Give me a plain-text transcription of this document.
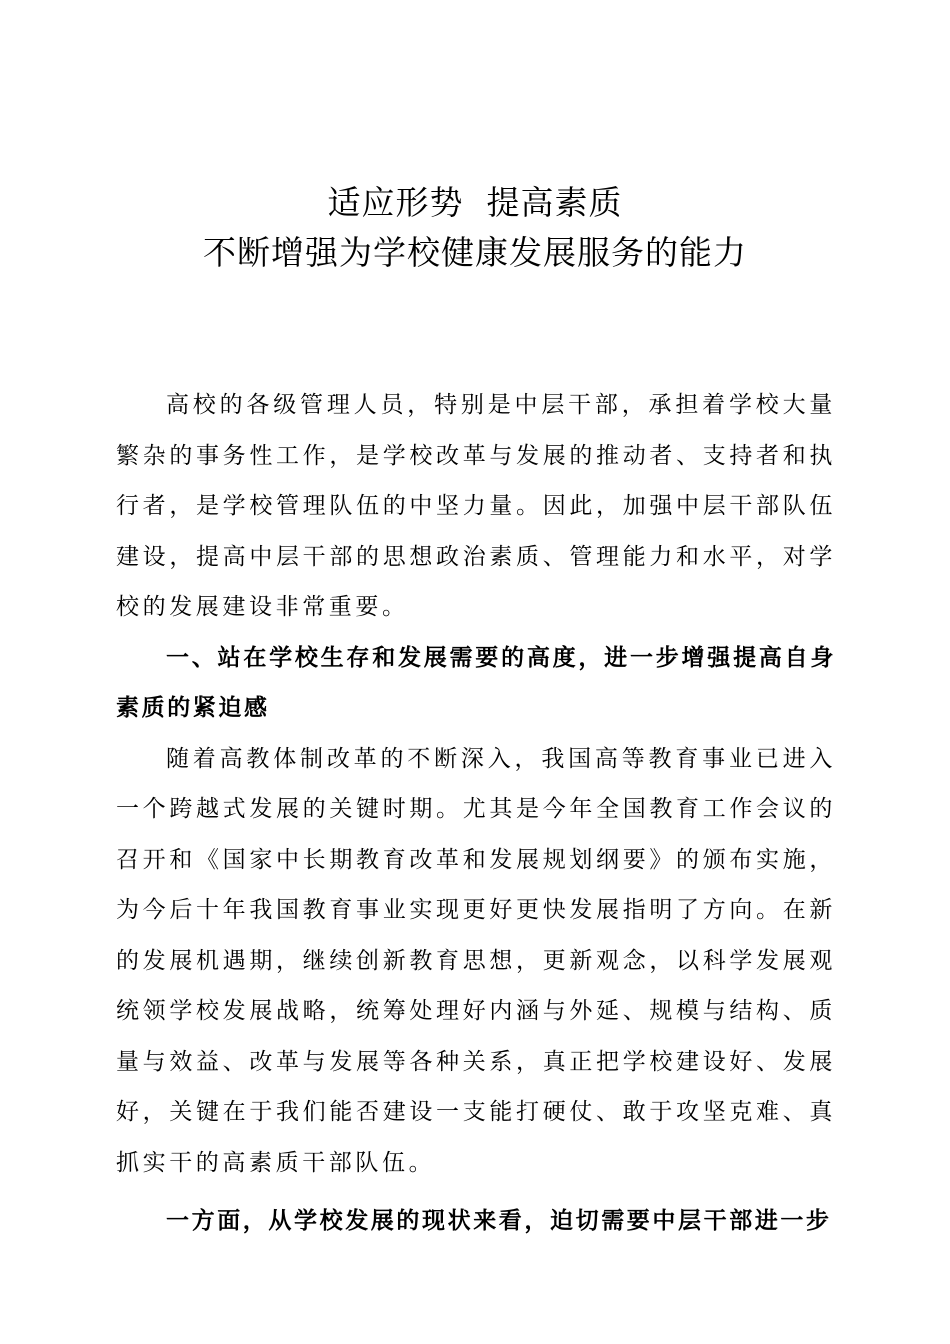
适应形势  提高素质
不断增强为学校健康发展服务的能力

高校的各级管理人员，特别是中层干部，承担着学校大量繁杂的事务性工作，是学校改革与发展的推动者、支持者和执行者，是学校管理队伍的中坚力量。因此，加强中层干部队伍建设，提高中层干部的思想政治素质、管理能力和水平，对学校的发展建设非常重要。

一、站在学校生存和发展需要的高度，进一步增强提高自身素质的紧迫感

随着高教体制改革的不断深入，我国高等教育事业已进入一个跨越式发展的关键时期。尤其是今年全国教育工作会议的召开和《国家中长期教育改革和发展规划纲要》的颁布实施，为今后十年我国教育事业实现更好更快发展指明了方向。在新的发展机遇期，继续创新教育思想，更新观念，以科学发展观统领学校发展战略，统筹处理好内涵与外延、规模与结构、质量与效益、改革与发展等各种关系，真正把学校建设好、发展好，关键在于我们能否建设一支能打硬仗、敢于攻坚克难、真抓实干的高素质干部队伍。

一方面，从学校发展的现状来看，迫切需要中层干部进一步
